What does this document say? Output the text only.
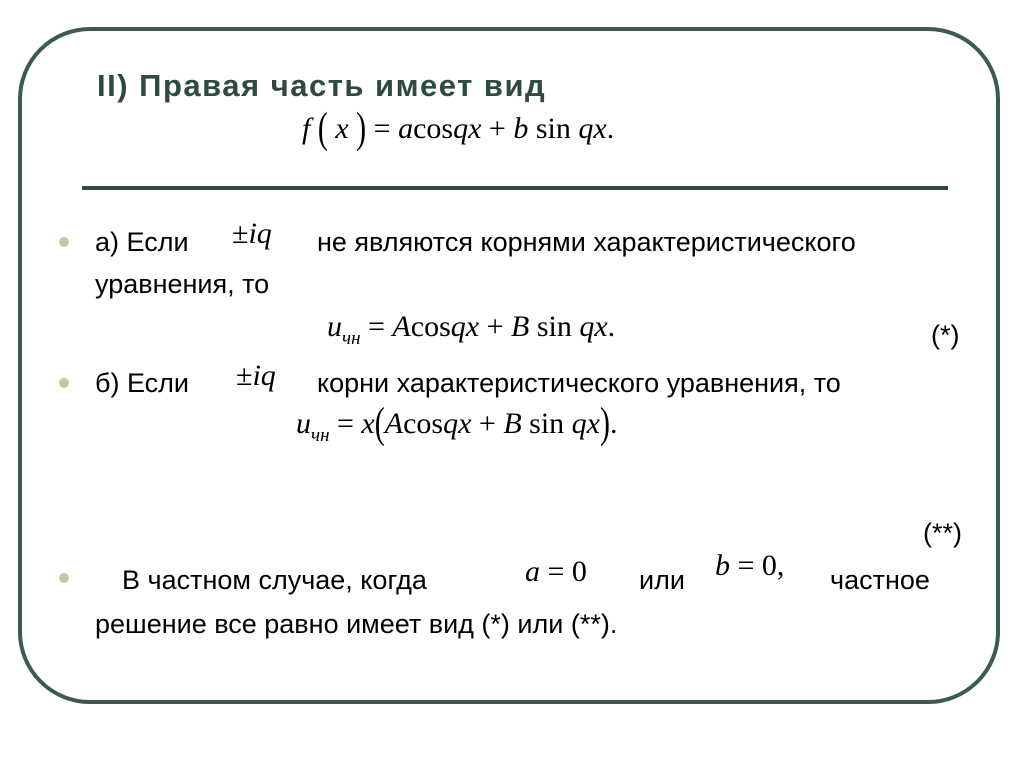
II) Правая часть имеет вид
f ( x ) = acosqx + b sin qx.
а) Если ±iq не являются корнями характеристического
уравнения, то
$u_{чн}$ = Acosqx + B sin qx.	(*)
б) Если ±iq корни характеристического уравнения, то
$u_{чн}$ = x(Acosqx + B sin qx).
(**)
В частном случае, когда	a = 0 или b = 0, частное
решение все равно имеет вид (*) или (**).
